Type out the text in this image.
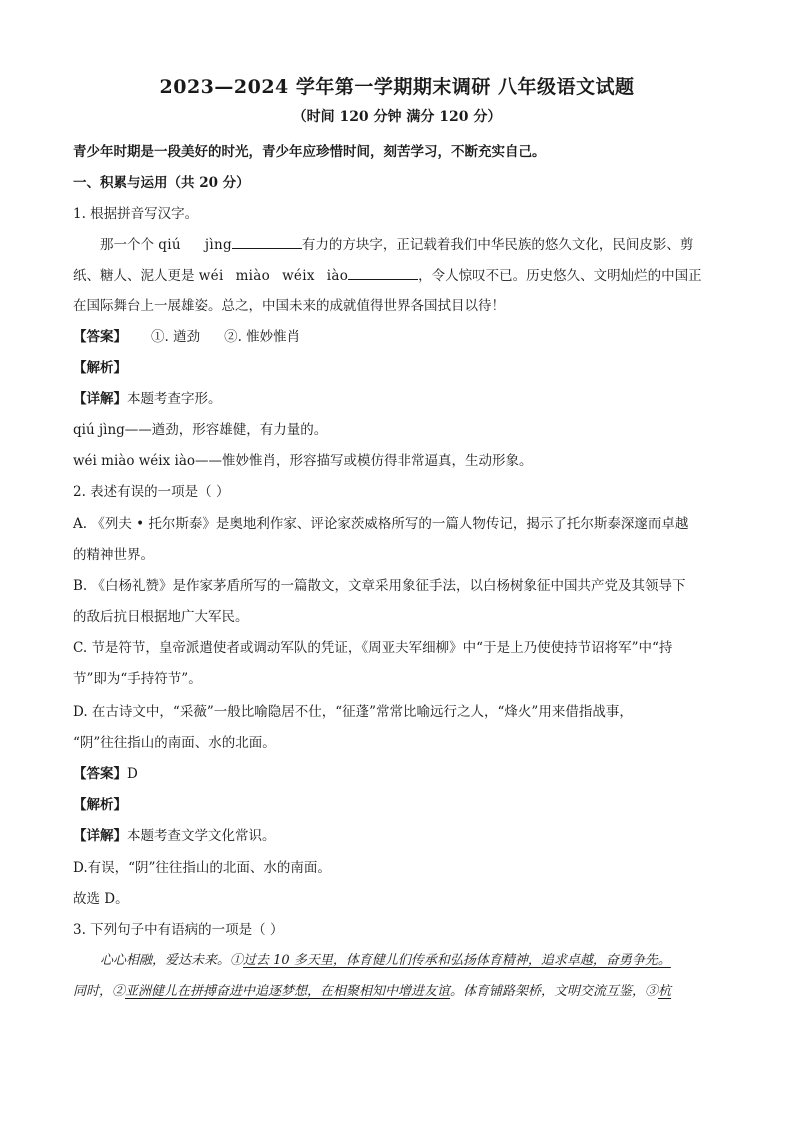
2023—2024 学年第一学期期末调研 八年级语文试题
（时间 120 分钟 满分 120 分）
青少年时期是一段美好的时光，青少年应珍惜时间，刻苦学习，不断充实自己。
一、积累与运用（共 20 分）
1. 根据拼音写汉字。
那一个个 qiú jìng	有力的方块字，正记载着我们中华民族的悠久文化，民间皮影、剪
纸、糖人、泥人更是 wéi miào wéix iào	，令人惊叹不已。历史悠久、文明灿烂的中国正
在国际舞台上一展雄姿。总之，中国未来的成就值得世界各国拭目以待！
【答案】 ①. 遒劲 ②. 惟妙惟肖
【解析】
【详解】本题考查字形。
qiú jìng——遒劲，形容雄健，有力量的。
wéi miào wéix iào——惟妙惟肖，形容描写或模仿得非常逼真，生动形象。
2. 表述有误的一项是（ ）
A. 《列夫 • 托尔斯泰》是奥地利作家、评论家茨威格所写的一篇人物传记，揭示了托尔斯泰深邃而卓越
的精神世界。
B. 《白杨礼赞》是作家茅盾所写的一篇散文，文章采用象征手法，以白杨树象征中国共产党及其领导下
的敌后抗日根据地广大军民。
C. 节是符节，皇帝派遣使者或调动军队的凭证，《周亚夫军细柳》中“于是上乃使使持节诏将军”中“持
节”即为“手持符节”。
D. 在古诗文中，“采薇”一般比喻隐居不仕，“征蓬”常常比喻远行之人，“烽火”用来借指战事，
“阴”往往指山的南面、水的北面。
【答案】D
【解析】
【详解】本题考查文学文化常识。
D.有误，“阴”往往指山的北面、水的南面。
故选 D。
3. 下列句子中有语病的一项是（ ）
心心相融，爱达未来。①过去 10 多天里，体育健儿们传承和弘扬体育精神，追求卓越，奋勇争先。
同时，②亚洲健儿在拼搏奋进中追逐梦想，在相聚相知中增进友谊。体育铺路架桥，文明交流互鉴，③杭
